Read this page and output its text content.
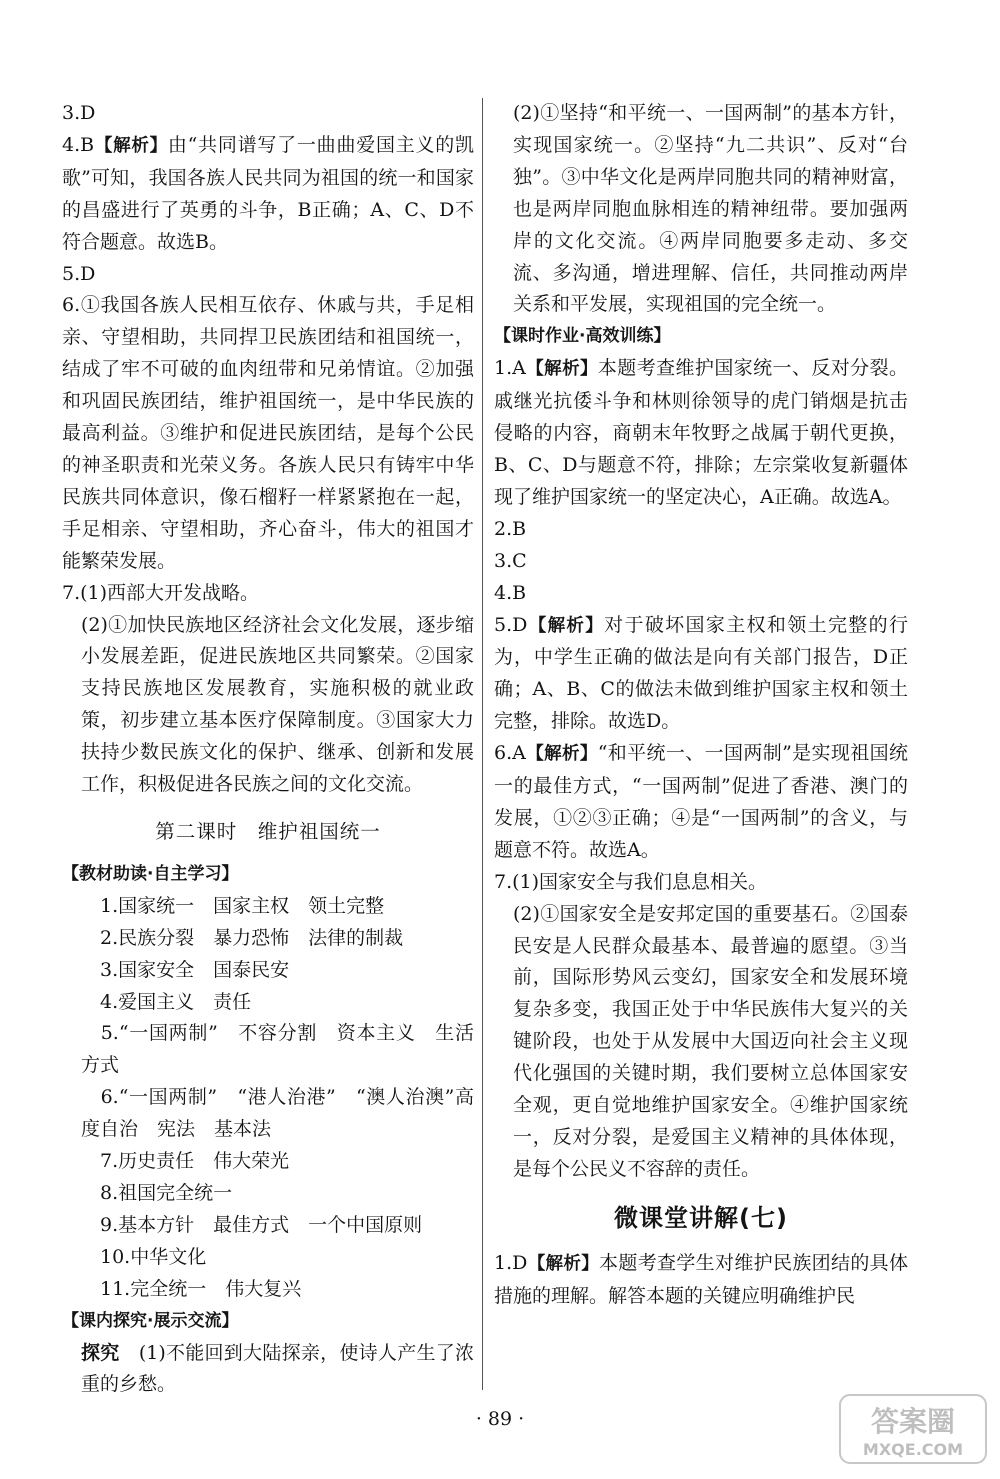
3.D

4.B【解析】由“共同谱写了一曲曲爱国主义的凯歌”可知，我国各族人民共同为祖国的统一和国家的昌盛进行了英勇的斗争，B正确；A、C、D不符合题意。故选B。

5.D

6.①我国各族人民相互依存、休戚与共，手足相亲、守望相助，共同捍卫民族团结和祖国统一，结成了牢不可破的血肉纽带和兄弟情谊。②加强和巩固民族团结，维护祖国统一，是中华民族的最高利益。③维护和促进民族团结，是每个公民的神圣职责和光荣义务。各族人民只有铸牢中华民族共同体意识，像石榴籽一样紧紧抱在一起，手足相亲、守望相助，齐心奋斗，伟大的祖国才能繁荣发展。

7.(1)西部大开发战略。

(2)①加快民族地区经济社会文化发展，逐步缩小发展差距，促进民族地区共同繁荣。②国家支持民族地区发展教育，实施积极的就业政策，初步建立基本医疗保障制度。③国家大力扶持少数民族文化的保护、继承、创新和发展工作，积极促进各民族之间的文化交流。

第二课时　维护祖国统一

【教材助读·自主学习】

1.国家统一　国家主权　领土完整

2.民族分裂　暴力恐怖　法律的制裁

3.国家安全　国泰民安

4.爱国主义　责任

　5.“一国两制”　不容分割　资本主义　生活方式

　6.“一国两制”　“港人治港”　“澳人治澳”高度自治　宪法　基本法

7.历史责任　伟大荣光

8.祖国完全统一

9.基本方针　最佳方式　一个中国原则

10.中华文化

11.完全统一　伟大复兴

【课内探究·展示交流】

探究　(1)不能回到大陆探亲，使诗人产生了浓重的乡愁。

(2)①坚持“和平统一、一国两制”的基本方针，实现国家统一。②坚持“九二共识”、反对“台独”。③中华文化是两岸同胞共同的精神财富，也是两岸同胞血脉相连的精神纽带。要加强两岸的文化交流。④两岸同胞要多走动、多交流、多沟通，增进理解、信任，共同推动两岸关系和平发展，实现祖国的完全统一。

【课时作业·高效训练】

1.A【解析】本题考查维护国家统一、反对分裂。戚继光抗倭斗争和林则徐领导的虎门销烟是抗击侵略的内容，商朝末年牧野之战属于朝代更换，B、C、D与题意不符，排除；左宗棠收复新疆体现了维护国家统一的坚定决心，A正确。故选A。

2.B

3.C

4.B

5.D【解析】对于破坏国家主权和领土完整的行为，中学生正确的做法是向有关部门报告，D正确；A、B、C的做法未做到维护国家主权和领土完整，排除。故选D。

6.A【解析】“和平统一、一国两制”是实现祖国统一的最佳方式，“一国两制”促进了香港、澳门的发展，①②③正确；④是“一国两制”的含义，与题意不符。故选A。

7.(1)国家安全与我们息息相关。

(2)①国家安全是安邦定国的重要基石。②国泰民安是人民群众最基本、最普遍的愿望。③当前，国际形势风云变幻，国家安全和发展环境复杂多变，我国正处于中华民族伟大复兴的关键阶段，也处于从发展中大国迈向社会主义现代化强国的关键时期，我们要树立总体国家安全观，更自觉地维护国家安全。④维护国家统一，反对分裂，是爱国主义精神的具体体现，是每个公民义不容辞的责任。

微课堂讲解(七)

1.D【解析】本题考查学生对维护民族团结的具体措施的理解。解答本题的关键应明确维护民

· 89 ·	答案圈
MXQE.COM
